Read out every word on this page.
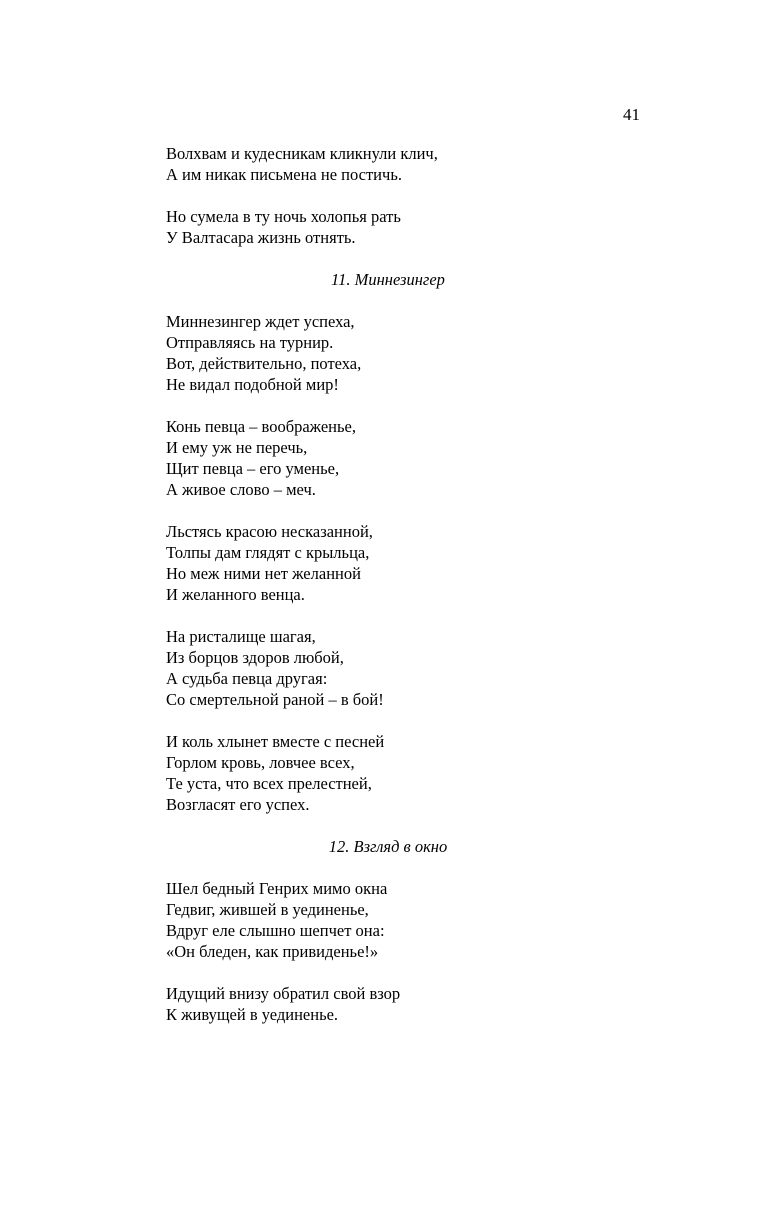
41
Волхвам и кудесникам кликнули клич,
А им никак письмена не постичь.
Но сумела в ту ночь холопья рать
У Валтасара жизнь отнять.
11. Миннезингер
Миннезингер ждет успеха,
Отправляясь на турнир.
Вот, действительно, потеха,
Не видал подобной мир!
Конь певца – воображенье,
И ему уж не перечь,
Щит певца – его уменье,
А живое слово – меч.
Льстясь красою несказанной,
Толпы дам глядят с крыльца,
Но меж ними нет желанной
И желанного венца.
На ристалище шагая,
Из борцов здоров любой,
А судьба певца другая:
Со смертельной раной – в бой!
И коль хлынет вместе с песней
Горлом кровь, ловчее всех,
Те уста, что всех прелестней,
Возгласят его успех.
12. Взгляд в окно
Шел бедный Генрих мимо окна
Гедвиг, жившей в уединенье,
Вдруг еле слышно шепчет она:
«Он бледен, как привиденье!»
Идущий внизу обратил свой взор
К живущей в уединенье.
